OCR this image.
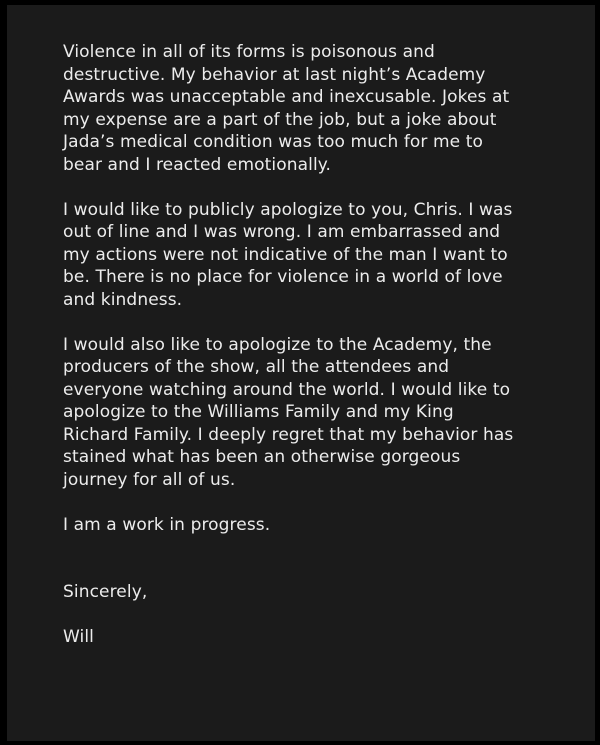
Violence in all of its forms is poisonous and
destructive. My behavior at last night’s Academy
Awards was unacceptable and inexcusable. Jokes at
my expense are a part of the job, but a joke about
Jada’s medical condition was too much for me to
bear and I reacted emotionally.

I would like to publicly apologize to you, Chris. I was
out of line and I was wrong. I am embarrassed and
my actions were not indicative of the man I want to
be. There is no place for violence in a world of love
and kindness.

I would also like to apologize to the Academy, the
producers of the show, all the attendees and
everyone watching around the world. I would like to
apologize to the Williams Family and my King
Richard Family. I deeply regret that my behavior has
stained what has been an otherwise gorgeous
journey for all of us.

I am a work in progress.

Sincerely,

Will
